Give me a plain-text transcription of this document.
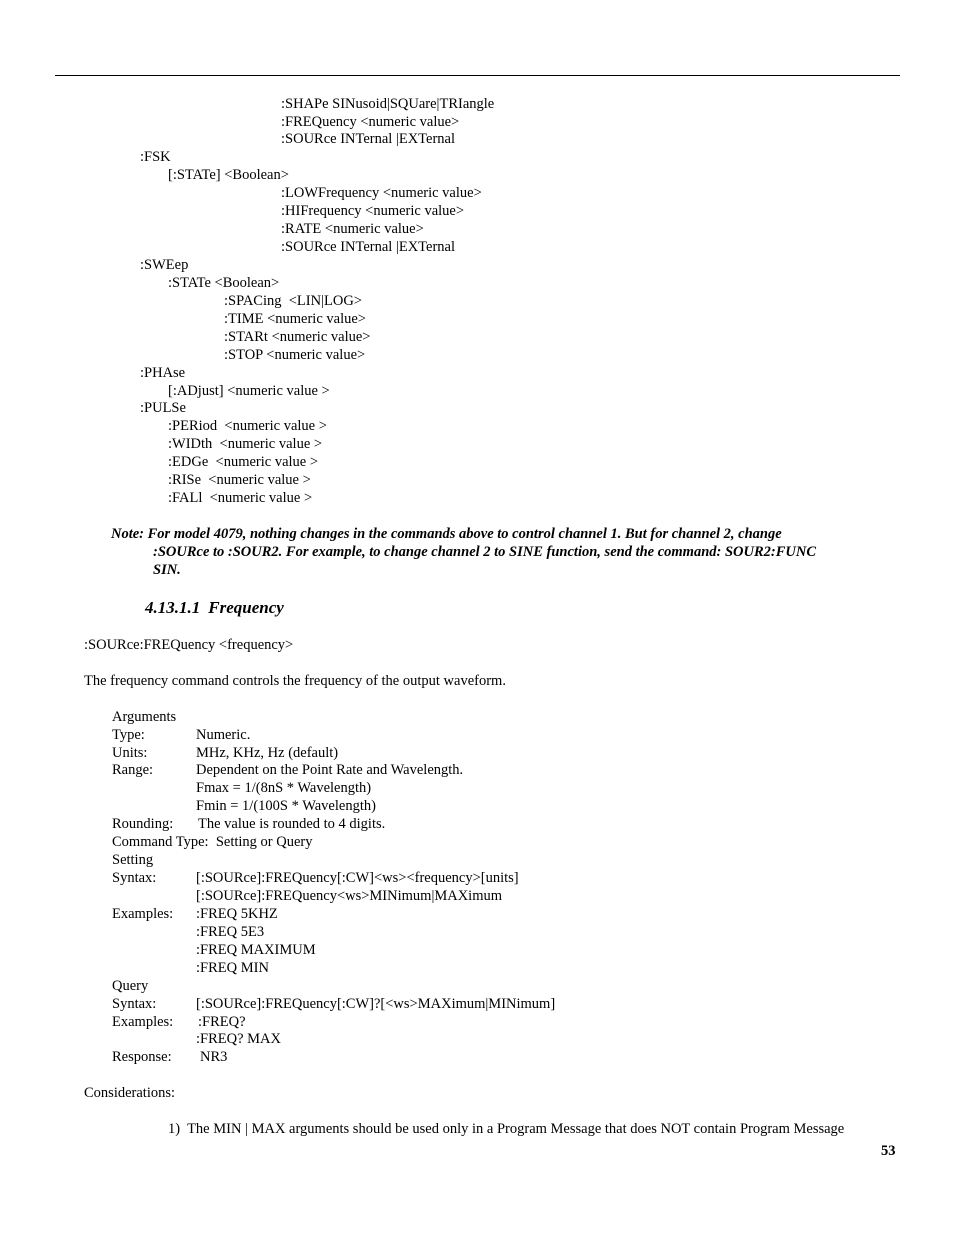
:SHAPe SINusoid|SQUare|TRIangle
:FREQuency <numeric value>
:SOURce INTernal |EXTernal
:FSK
[:STATe] <Boolean>
:LOWFrequency <numeric value>
:HIFrequency <numeric value>
:RATE <numeric value>
:SOURce INTernal |EXTernal
:SWEep
:STATe <Boolean>
:SPACing  <LIN|LOG>
:TIME <numeric value>
:STARt <numeric value>
:STOP <numeric value>
:PHAse
[:ADjust] <numeric value >
:PULSe
:PERiod  <numeric value >
:WIDth  <numeric value >
:EDGe  <numeric value >
:RISe  <numeric value >
:FALl  <numeric value >
Note: For model 4079, nothing changes in the commands above to control channel 1. But for channel 2, change
:SOURce to :SOUR2. For example, to change channel 2 to SINE function, send the command: SOUR2:FUNC
SIN.
4.13.1.1 Frequency
:SOURce:FREQuency <frequency>
The frequency command controls the frequency of the output waveform.
Arguments
Type:	Numeric.
Units:	MHz, KHz, Hz (default)
Range:	Dependent on the Point Rate and Wavelength.
Fmax = 1/(8nS * Wavelength)
Fmin = 1/(100S * Wavelength)
Rounding: The value is rounded to 4 digits.
Command Type:  Setting or Query
Setting
Syntax:	[:SOURce]:FREQuency[:CW]<ws><frequency>[units]
[:SOURce]:FREQuency<ws>MINimum|MAXimum
Examples: :FREQ 5KHZ
:FREQ 5E3
:FREQ MAXIMUM
:FREQ MIN
Query
Syntax:	[:SOURce]:FREQuency[:CW]?[<ws>MAXimum|MINimum]
Examples: :FREQ?
:FREQ? MAX
Response: NR3
Considerations:
1)  The MIN | MAX arguments should be used only in a Program Message that does NOT contain Program Message
53
